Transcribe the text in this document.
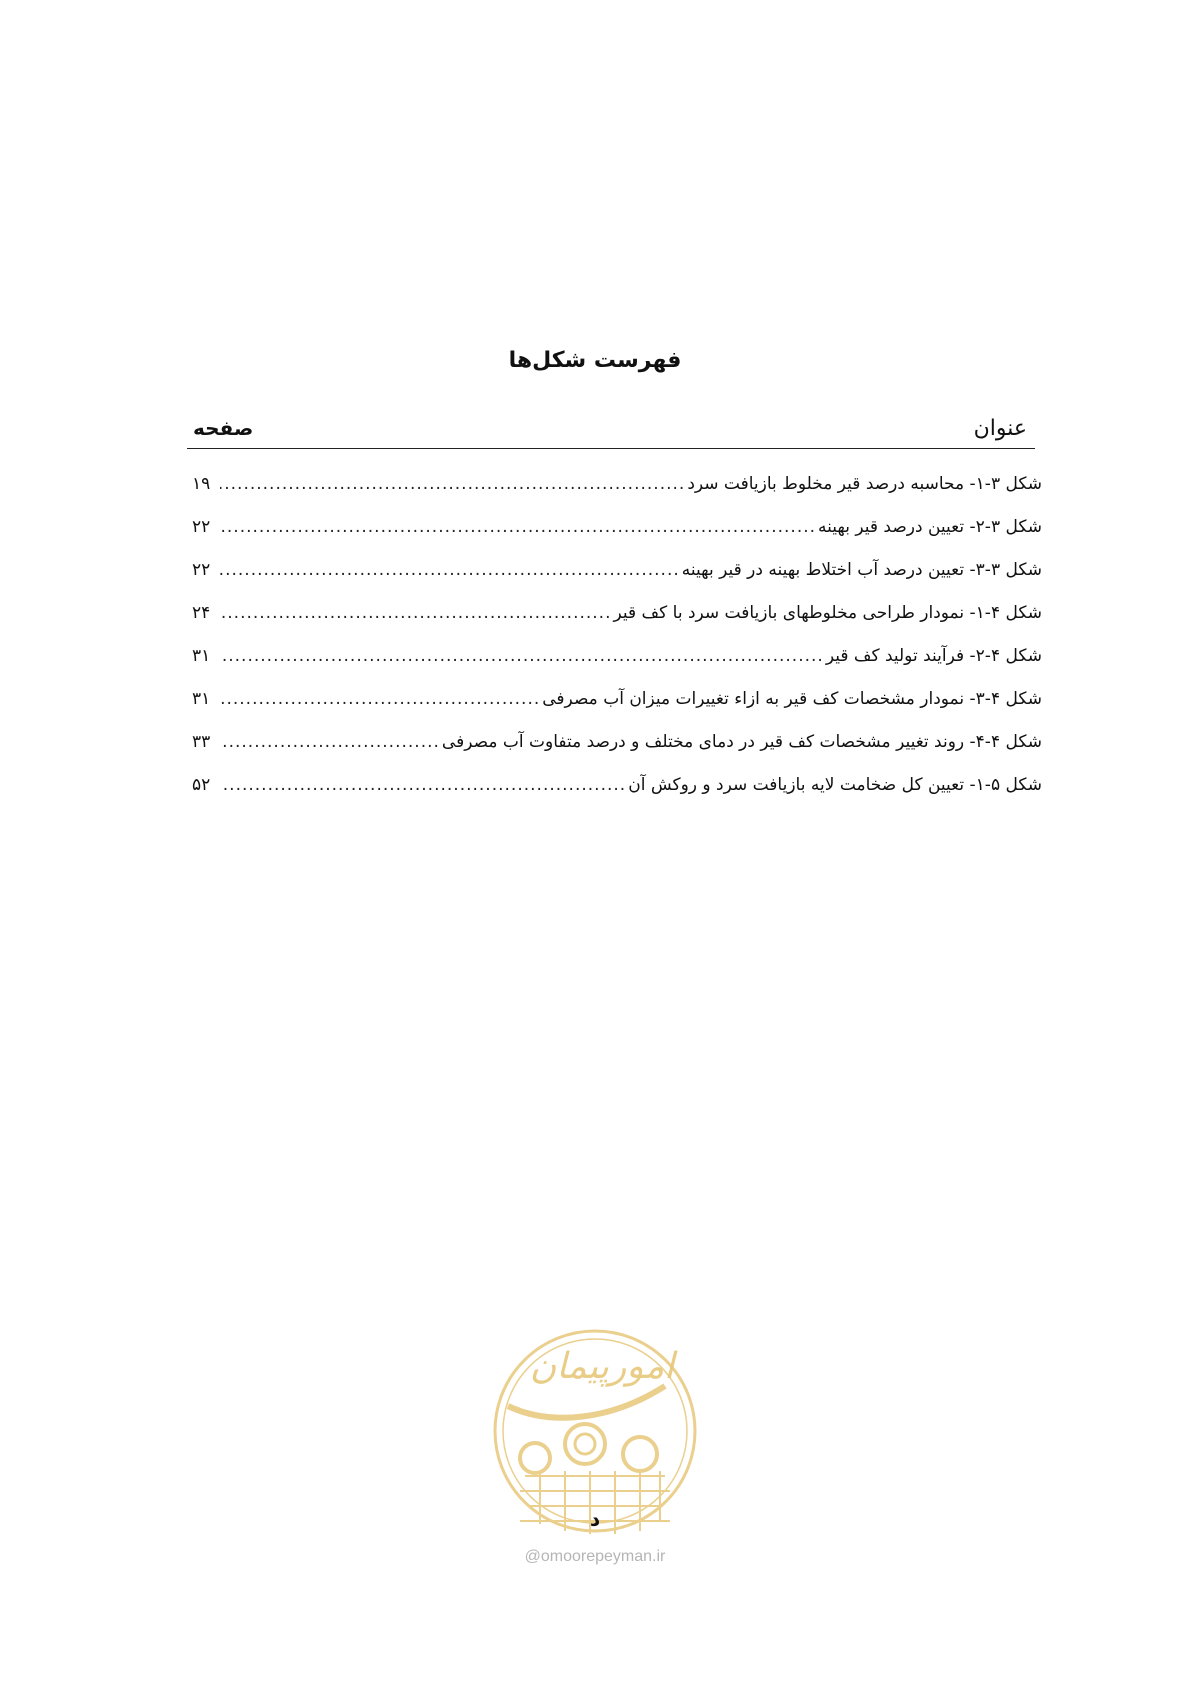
فهرست شکل‌ها
عنوان
صفحه
شکل ۳-۱- محاسبه درصد قیر مخلوط بازیافت سرد
.....
۱۹
شکل ۳-۲- تعیین درصد قیر بهینه
.....
۲۲
شکل ۳-۳- تعیین درصد آب اختلاط بهینه در قیر بهینه
.....
۲۲
شکل ۴-۱- نمودار طراحی مخلوطهای بازیافت سرد با کف قیر
.....
۲۴
شکل ۴-۲- فرآیند تولید کف قیر
.....
۳۱
شکل ۴-۳- نمودار مشخصات کف قیر به ازاء تغییرات میزان آب مصرفی
.....
۳۱
شکل ۴-۴- روند تغییر مشخصات کف قیر در دمای مختلف و درصد متفاوت آب مصرفی
.....
۳۳
شکل ۵-۱- تعیین کل ضخامت لایه بازیافت سرد و روکش آن
.....
۵۲
امورپیمان
د
@omoorepeyman.ir
